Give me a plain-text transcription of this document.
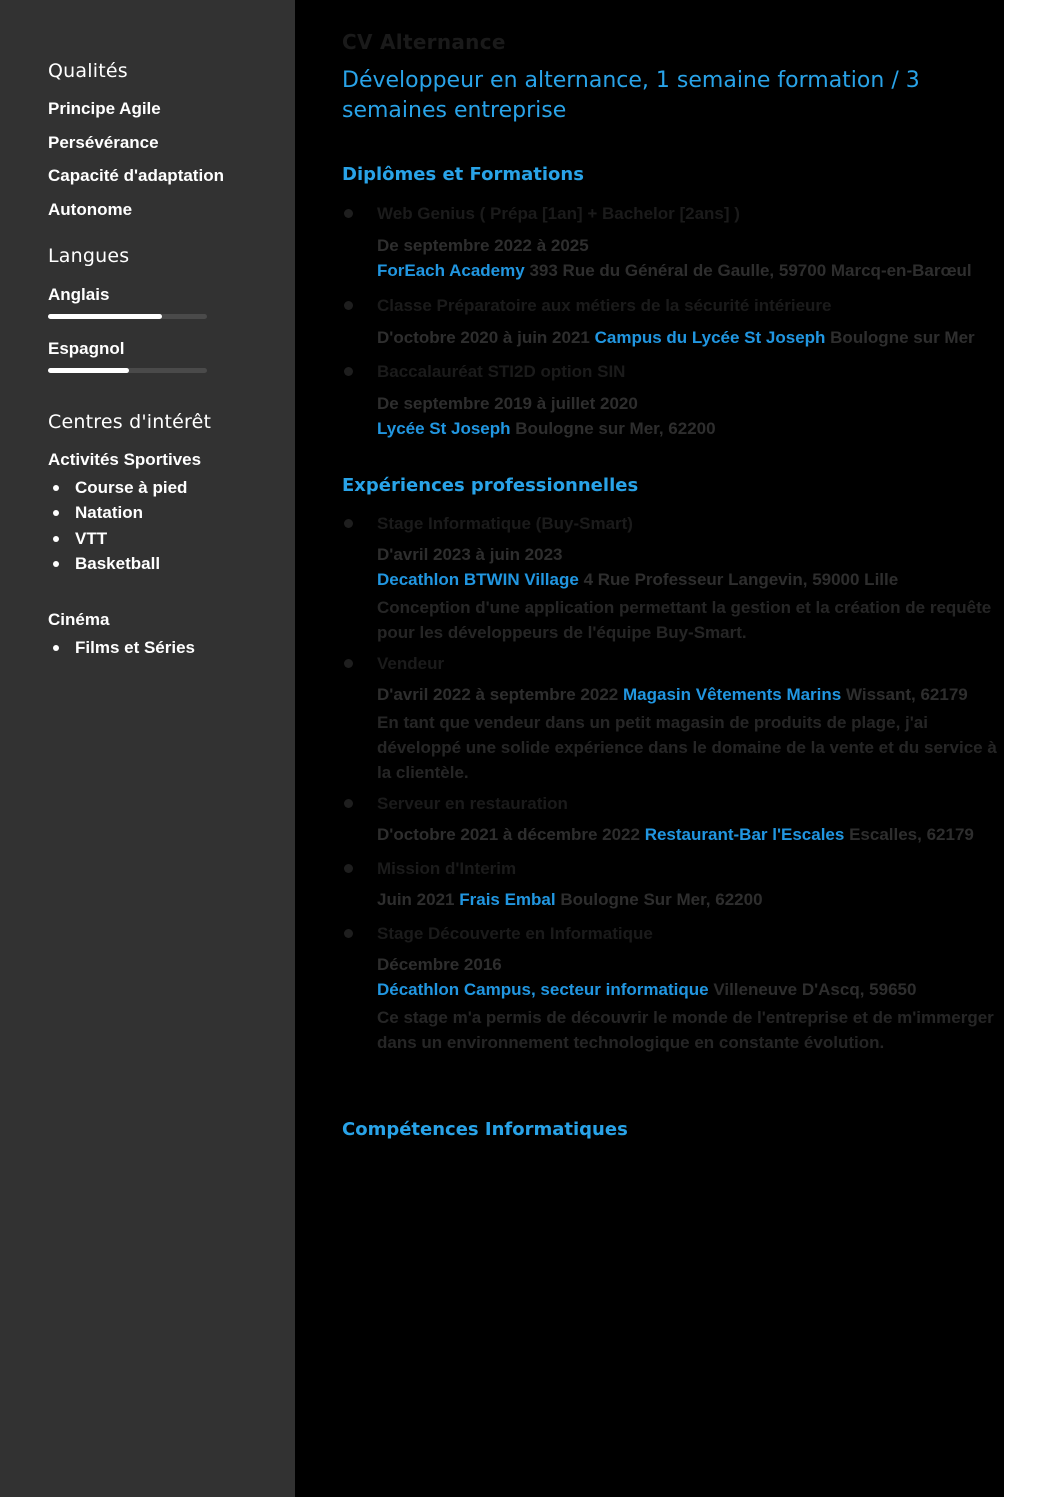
Qualités
Principe Agile
Persévérance
Capacité d'adaptation
Autonome
Langues
Anglais
Espagnol
Centres d'intérêt
Activités Sportives
Course à pied
Natation
VTT
Basketball
Cinéma
Films et Séries
CV Alternance
Développeur en alternance, 1 semaine formation / 3 semaines entreprise
Diplômes et Formations
Web Genius ( Prépa [1an] + Bachelor [2ans] )
De septembre 2022 à 2025
ForEach Academy 393 Rue du Général de Gaulle, 59700 Marcq-en-Barœul
Classe Préparatoire aux métiers de la sécurité intérieure
D'octobre 2020 à juin 2021 Campus du Lycée St Joseph Boulogne sur Mer
Baccalauréat STI2D option SIN
De septembre 2019 à juillet 2020
Lycée St Joseph Boulogne sur Mer, 62200
Expériences professionnelles
Stage Informatique (Buy-Smart)
D'avril 2023 à juin 2023
Decathlon BTWIN Village 4 Rue Professeur Langevin, 59000 Lille
Conception d'une application permettant la gestion et la création de requête pour les développeurs de l'équipe Buy-Smart.
Vendeur
D'avril 2022 à septembre 2022 Magasin Vêtements Marins Wissant, 62179
En tant que vendeur dans un petit magasin de produits de plage, j'ai développé une solide expérience dans le domaine de la vente et du service à la clientèle.
Serveur en restauration
D'octobre 2021 à décembre 2022 Restaurant-Bar l'Escales Escalles, 62179
Mission d'Interim
Juin 2021 Frais Embal Boulogne Sur Mer, 62200
Stage Découverte en Informatique
Décembre 2016
Décathlon Campus, secteur informatique Villeneuve D'Ascq, 59650
Ce stage m'a permis de découvrir le monde de l'entreprise et de m'immerger dans un environnement technologique en constante évolution.
Compétences Informatiques
